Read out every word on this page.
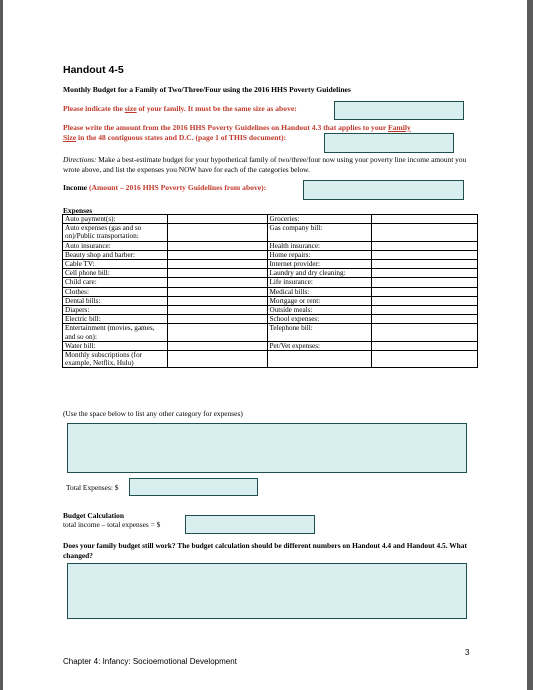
Handout 4-5
Monthly Budget for a Family of Two/Three/Four using the 2016 HHS Poverty Guidelines
Please indicate the size of your family. It must be the same size as above:
Please write the amount from the 2016 HHS Poverty Guidelines on Handout 4.3 that applies to your Family
Size in the 48 contiguous states and D.C. (page 1 of THIS document):
Directions: Make a best-estimate budget for your hypothetical family of two/three/four now using your poverty line income amount you wrote above, and list the expenses you NOW have for each of the categories below.
Income (Amount – 2016 HHS Poverty Guidelines from above):
Expenses
Auto payment(s):		Groceries:	
Auto expenses (gas and so on)/Public transportation:		Gas company bill:	
Auto insurance:		Health insurance:	
Beauty shop and barber:		Home repairs:	
Cable TV:		Internet provider:	
Cell phone bill:		Laundry and dry cleaning:	
Child care:		Life insurance:	
Clothes:		Medical bills:	
Dental bills:		Mortgage or rent:	
Diapers:		Outside meals:	
Electric bill:		School expenses:	
Entertainment (movies, games, and so on):		Telephone bill:	
Water bill:		Pet/Vet expenses:	
Monthly subscriptions (for example, Netflix, Hulu)			
(Use the space below to list any other category for expenses)
Total Expenses: $
Budget Calculation
total income – total expenses = $
Does your family budget still work? The budget calculation should be different numbers on Handout 4.4 and Handout 4.5. What changed?
3
Chapter 4: Infancy: Socioemotional Development
